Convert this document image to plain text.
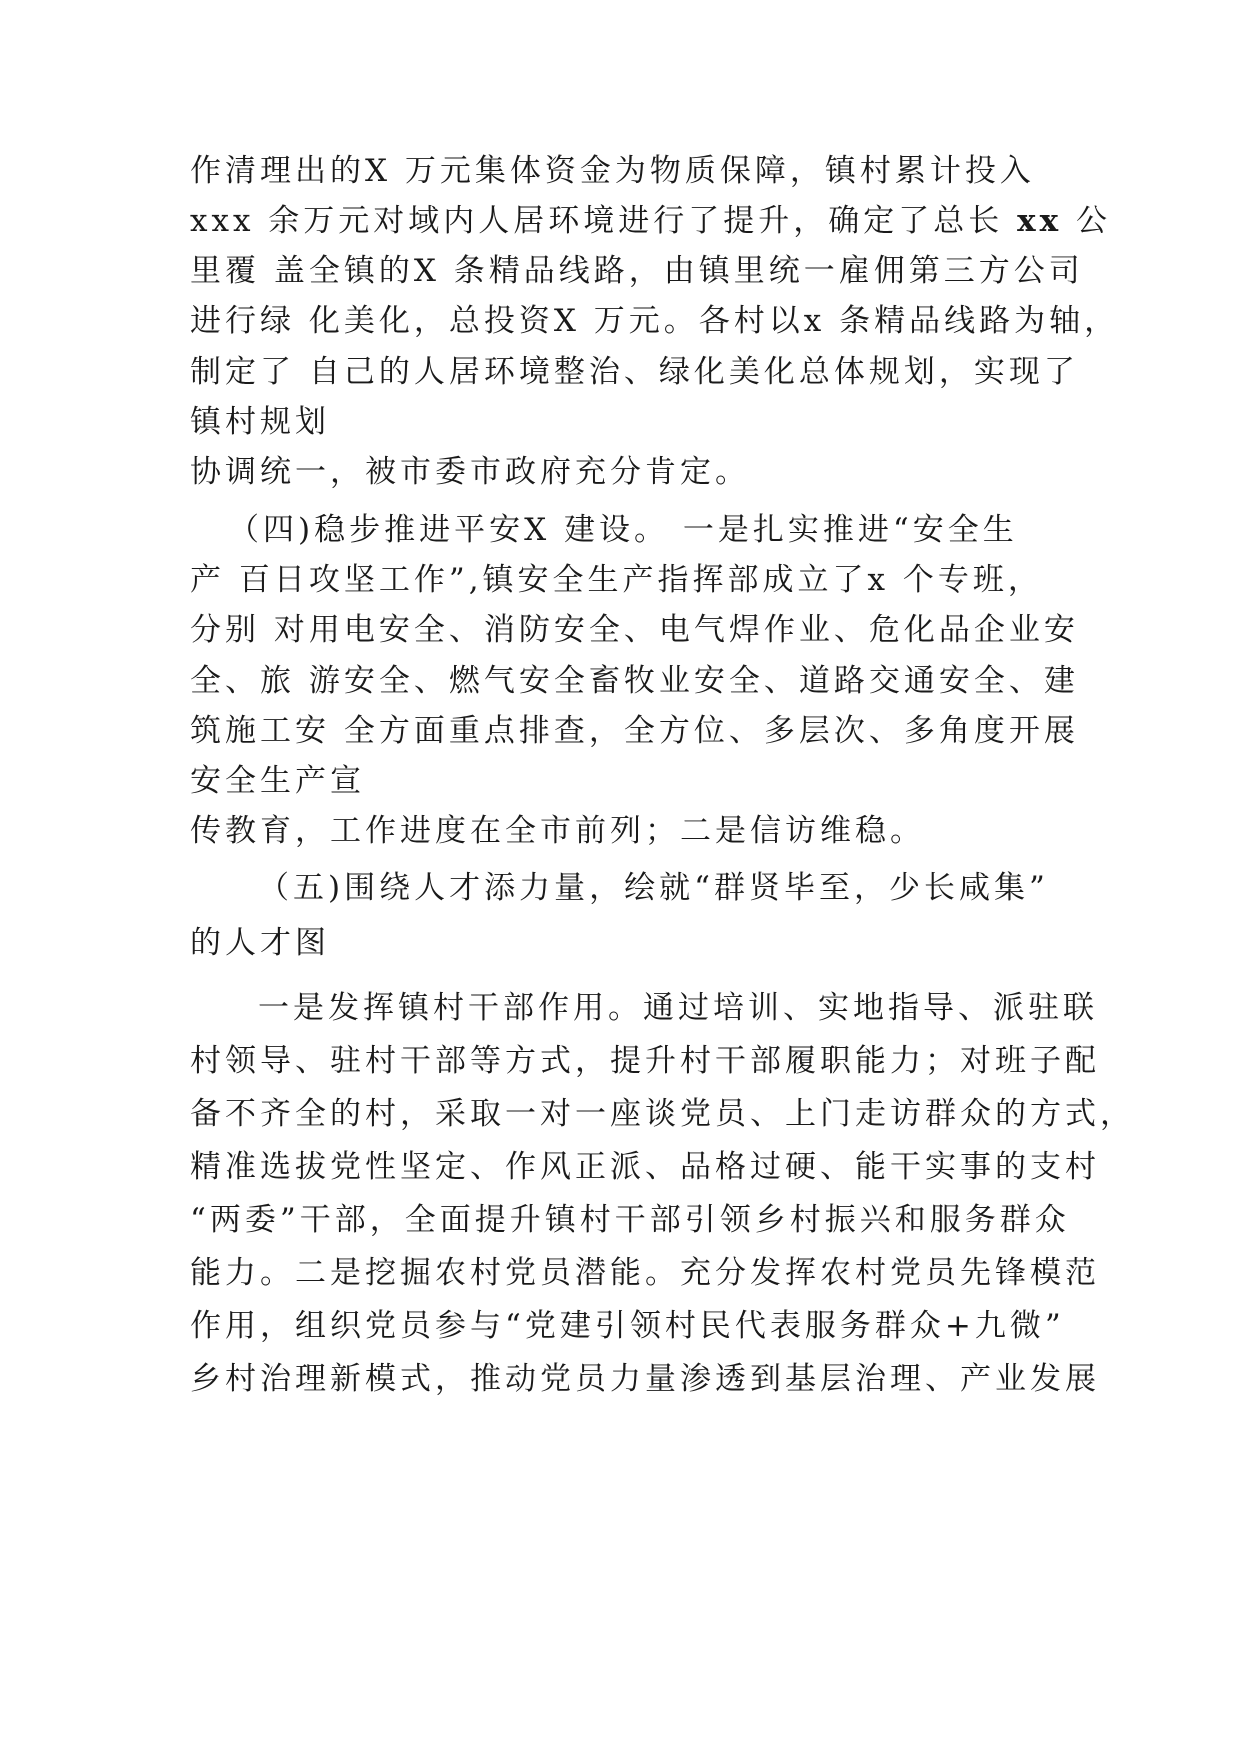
作清理出的X 万元集体资金为物质保障，镇村累计投入
xxx 余万元对域内人居环境进行了提升，确定了总长 xx 公
里覆 盖全镇的X 条精品线路，由镇里统一雇佣第三方公司
进行绿 化美化，总投资X 万元。各村以x 条精品线路为轴，
制定了 自己的人居环境整治、绿化美化总体规划，实现了
镇村规划
协调统一，被市委市政府充分肯定。
（四)稳步推进平安X 建设。 一是扎实推进“安全生
产 百日攻坚工作”,镇安全生产指挥部成立了x 个专班，
分别 对用电安全、消防安全、电气焊作业、危化品企业安
全、旅 游安全、燃气安全畜牧业安全、道路交通安全、建
筑施工安 全方面重点排查，全方位、多层次、多角度开展
安全生产宣
传教育，工作进度在全市前列；二是信访维稳。
（五)围绕人才添力量，绘就“群贤毕至，少长咸集”
的人才图
一是发挥镇村干部作用。通过培训、实地指导、派驻联
村领导、驻村干部等方式，提升村干部履职能力；对班子配
备不齐全的村，采取一对一座谈党员、上门走访群众的方式，
精准选拔党性坚定、作风正派、品格过硬、能干实事的支村
“两委”干部，全面提升镇村干部引领乡村振兴和服务群众
能力。二是挖掘农村党员潜能。充分发挥农村党员先锋模范
作用，组织党员参与“党建引领村民代表服务群众+九微”
乡村治理新模式，推动党员力量渗透到基层治理、产业发展
